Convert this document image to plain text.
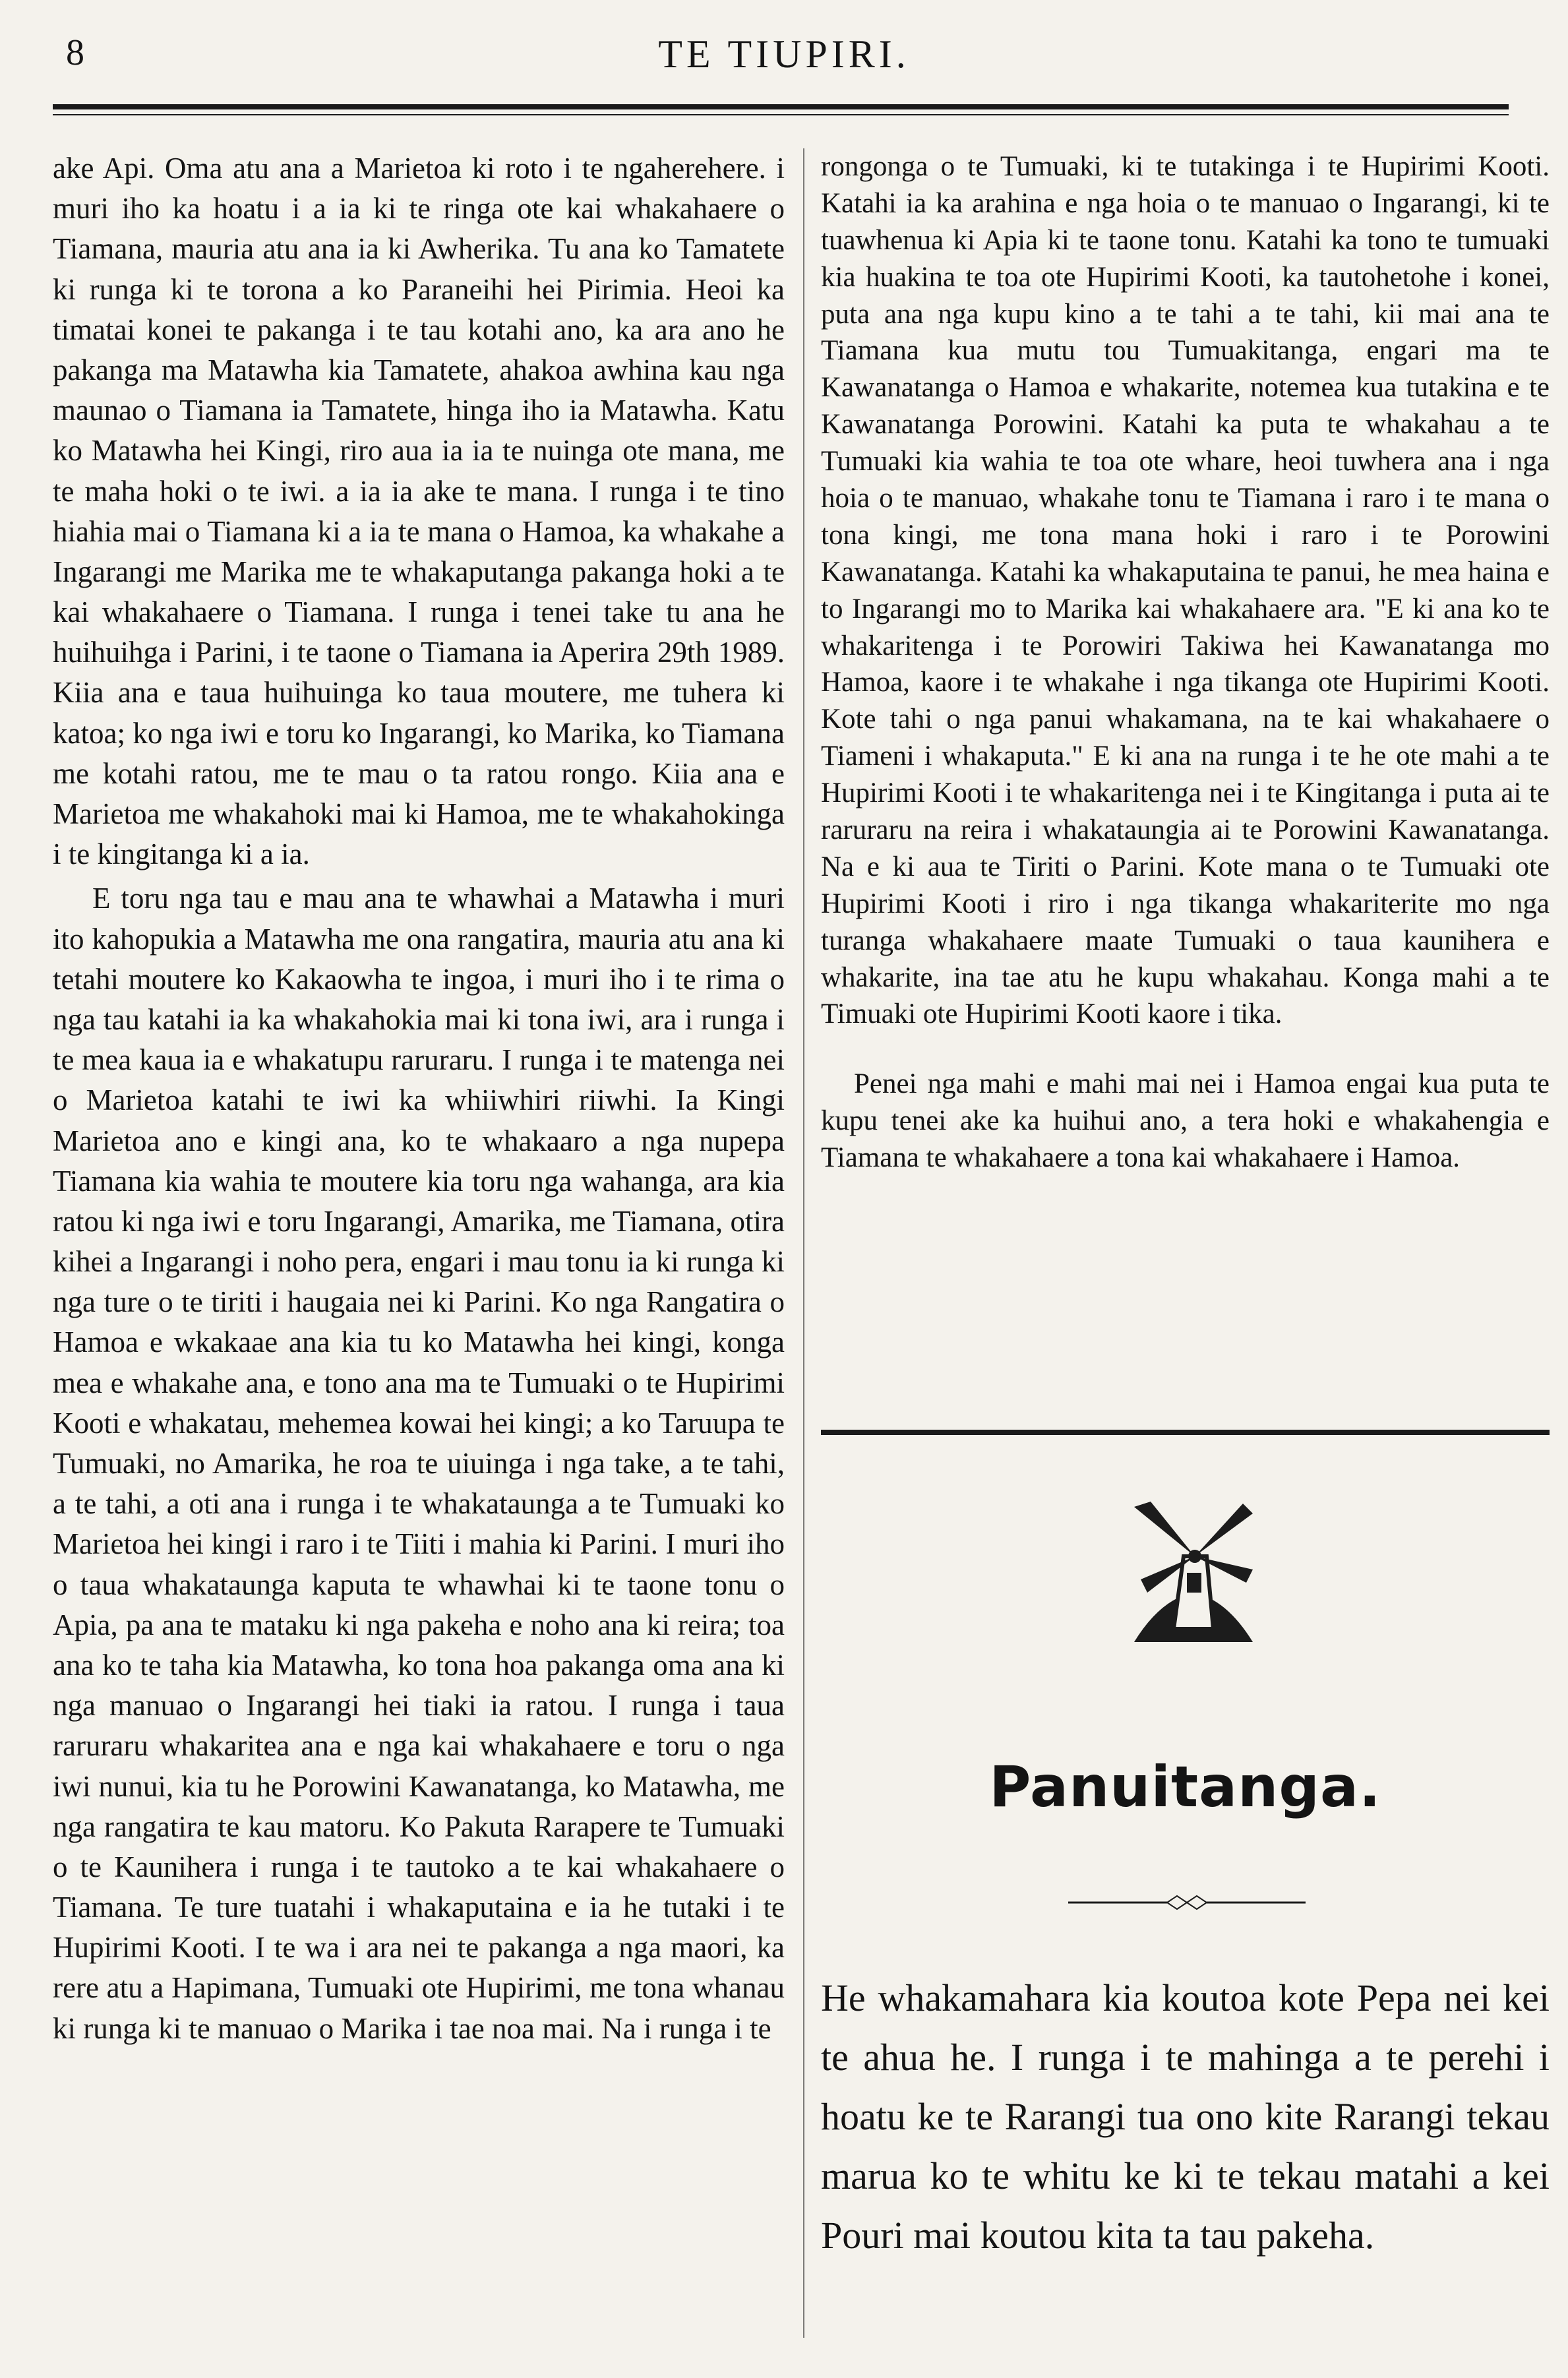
8	TE TIUPIRI.

ake Api. Oma atu ana a Marietoa ki roto i te ngaherehere. i muri iho ka hoatu i a ia ki te ringa ote kai whakahaere o Tiamana, mauria atu ana ia ki Awherika. Tu ana ko Tamatete ki runga ki te torona a ko Paraneihi hei Pirimia. Heoi ka timatai konei te pakanga i te tau kotahi ano, ka ara ano he pakanga ma Matawha kia Tamatete, ahakoa awhina kau nga maunao o Tiamana ia Tamatete, hinga iho ia Matawha. Katu ko Matawha hei Kingi, riro aua ia ia te nuinga ote mana, me te maha hoki o te iwi. a ia ia ake te mana. I runga i te tino hiahia mai o Tiamana ki a ia te mana o Hamoa, ka whakahe a Ingarangi me Marika me te whakaputanga pakanga hoki a te kai whakahaere o Tiamana. I runga i tenei take tu ana he huihuihga i Parini, i te taone o Tiamana ia Aperira 29th 1989. Kiia ana e taua huihuinga ko taua moutere, me tuhera ki katoa; ko nga iwi e toru ko Ingarangi, ko Marika, ko Tiamana me kotahi ratou, me te mau o ta ratou rongo. Kiia ana e Marietoa me whakahoki mai ki Hamoa, me te whakahokinga i te kingitanga ki a ia.

E toru nga tau e mau ana te whawhai a Matawha i muri ito kahopukia a Matawha me ona rangatira, mauria atu ana ki tetahi moutere ko Kakaowha te ingoa, i muri iho i te rima o nga tau katahi ia ka whakahokia mai ki tona iwi, ara i runga i te mea kaua ia e whakatupu raruraru. I runga i te matenga nei o Marietoa katahi te iwi ka whiiwhiri riiwhi. Ia Kingi Marietoa ano e kingi ana, ko te whakaaro a nga nupepa Tiamana kia wahia te moutere kia toru nga wahanga, ara kia ratou ki nga iwi e toru Ingarangi, Amarika, me Tiamana, otira kihei a Ingarangi i noho pera, engari i mau tonu ia ki runga ki nga ture o te tiriti i haugaia nei ki Parini. Ko nga Rangatira o Hamoa e wkakaae ana kia tu ko Matawha hei kingi, konga mea e whakahe ana, e tono ana ma te Tumuaki o te Hupirimi Kooti e whakatau, mehemea kowai hei kingi; a ko Taruupa te Tumuaki, no Amarika, he roa te uiuinga i nga take, a te tahi, a te tahi, a oti ana i runga i te whakataunga a te Tumuaki ko Marietoa hei kingi i raro i te Tiiti i mahia ki Parini. I muri iho o taua whakataunga kaputa te whawhai ki te taone tonu o Apia, pa ana te mataku ki nga pakeha e noho ana ki reira; toa ana ko te taha kia Matawha, ko tona hoa pakanga oma ana ki nga manuao o Ingarangi hei tiaki ia ratou. I runga i taua raruraru whakaritea ana e nga kai whakahaere e toru o nga iwi nunui, kia tu he Porowini Kawanatanga, ko Matawha, me nga rangatira te kau matoru. Ko Pakuta Rarapere te Tumuaki o te Kaunihera i runga i te tautoko a te kai whakahaere o Tiamana. Te ture tuatahi i whakaputaina e ia he tutaki i te Hupirimi Kooti. I te wa i ara nei te pakanga a nga maori, ka rere atu a Hapimana, Tumuaki ote Hupirimi, me tona whanau ki runga ki te manuao o Marika i tae noa mai. Na i runga i te

rongonga o te Tumuaki, ki te tutakinga i te Hupirimi Kooti. Katahi ia ka arahina e nga hoia o te manuao o Ingarangi, ki te tuawhenua ki Apia ki te taone tonu. Katahi ka tono te tumuaki kia huakina te toa ote Hupirimi Kooti, ka tautohetohe i konei, puta ana nga kupu kino a te tahi a te tahi, kii mai ana te Tiamana kua mutu tou Tumuakitanga, engari ma te Kawanatanga o Hamoa e whakarite, notemea kua tutakina e te Kawanatanga Porowini. Katahi ka puta te whakahau a te Tumuaki kia wahia te toa ote whare, heoi tuwhera ana i nga hoia o te manuao, whakahe tonu te Tiamana i raro i te mana o tona kingi, me tona mana hoki i raro i te Porowini Kawanatanga. Katahi ka whakaputaina te panui, he mea haina e to Ingarangi mo to Marika kai whakahaere ara. "E ki ana ko te whakaritenga i te Porowiri Takiwa hei Kawanatanga mo Hamoa, kaore i te whakahe i nga tikanga ote Hupirimi Kooti. Kote tahi o nga panui whakamana, na te kai whakahaere o Tiameni i whakaputa." E ki ana na runga i te he ote mahi a te Hupirimi Kooti i te whakaritenga nei i te Kingitanga i puta ai te raruraru na reira i whakataungia ai te Porowini Kawanatanga. Na e ki aua te Tiriti o Parini. Kote mana o te Tumuaki ote Hupirimi Kooti i riro i nga tikanga whakariterite mo nga turanga whakahaere maate Tumuaki o taua kaunihera e whakarite, ina tae atu he kupu whakahau. Konga mahi a te Timuaki ote Hupirimi Kooti kaore i tika.

Penei nga mahi e mahi mai nei i Hamoa engai kua puta te kupu tenei ake ka huihui ano, a tera hoki e whakahengia e Tiamana te whakahaere a tona kai whakahaere i Hamoa.

Panuitanga.
He whakamahara kia koutoa kote Pepa nei kei te ahua he. I runga i te mahinga a te perehi i hoatu ke te Rarangi tua ono kite Rarangi tekau marua ko te whitu ke ki te tekau matahi a kei Pouri mai koutou kita ta tau pakeha.
